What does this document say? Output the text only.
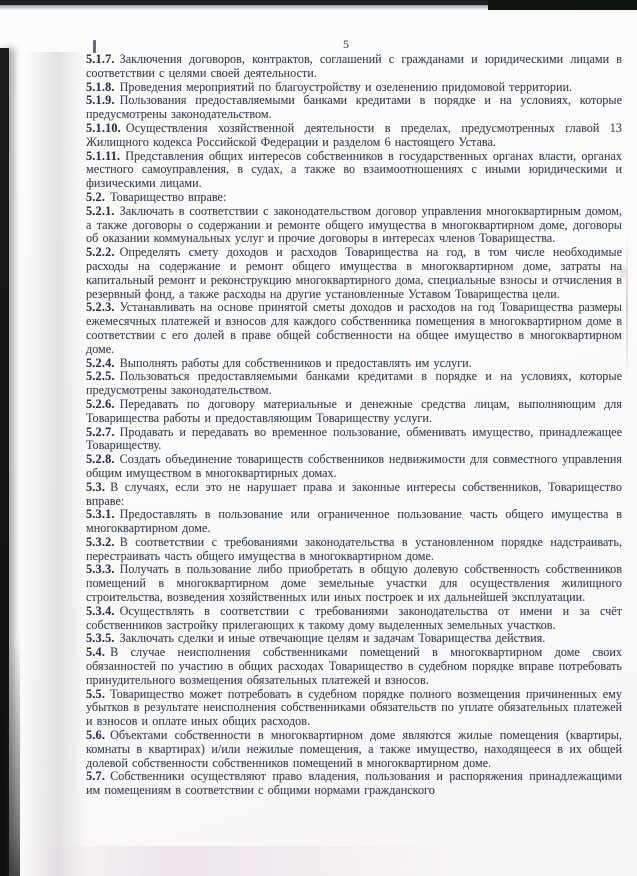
5

5.1.7. Заключения договоров, контрактов, соглашений с гражданами и юридическими лицами в соответствии с целями своей деятельности.

5.1.8. Проведения мероприятий по благоустройству и озеленению придомовой территории.

5.1.9. Пользования предоставляемыми банками кредитами в порядке и на условиях, которые предусмотрены законодательством.

5.1.10. Осуществления хозяйственной деятельности в пределах, предусмотренных главой 13 Жилищного кодекса Российской Федерации и разделом 6 настоящего Устава.

5.1.11. Представления общих интересов собственников в государственных органах власти, органах местного самоуправления, в судах, а также во взаимоотношениях с иными юридическими и физическими лицами.

5.2. Товарищество вправе:

5.2.1. Заключать в соответствии с законодательством договор управления многоквартирным домом, а также договоры о содержании и ремонте общего имущества в многоквартирном доме, договоры об оказании коммунальных услуг и прочие договоры в интересах членов Товарищества.

5.2.2. Определять смету доходов и расходов Товарищества на год, в том числе необходимые расходы на содержание и ремонт общего имущества в многоквартирном доме, затраты на капитальный ремонт и реконструкцию многоквартирного дома, специальные взносы и отчисления в резервный фонд, а также расходы на другие установленные Уставом Товарищества цели.

5.2.3. Устанавливать на основе принятой сметы доходов и расходов на год Товарищества размеры ежемесячных платежей и взносов для каждого собственника помещения в многоквартирном доме в соответствии с его долей в праве общей собственности на общее имущество в многоквартирном доме.

5.2.4. Выполнять работы для собственников и предоставлять им услуги.

5.2.5. Пользоваться предоставляемыми банками кредитами в порядке и на условиях, которые предусмотрены законодательством.

5.2.6. Передавать по договору материальные и денежные средства лицам, выполняющим для Товарищества работы и предоставляющим Товариществу услуги.

5.2.7. Продавать и передавать во временное пользование, обменивать имущество, принадлежащее Товариществу.

5.2.8. Создать объединение товариществ собственников недвижимости для совместного управления общим имуществом в многоквартирных домах.

5.3. В случаях, если это не нарушает права и законные интересы собственников, Товарищество вправе:

5.3.1. Предоставлять в пользование или ограниченное пользование часть общего имущества в многоквартирном доме.

5.3.2. В соответствии с требованиями законодательства в установленном порядке надстраивать, перестраивать часть общего имущества в многоквартирном доме.

5.3.3. Получать в пользование либо приобретать в общую долевую собственность собственников помещений в многоквартирном доме земельные участки для осуществления жилищного строительства, возведения хозяйственных или иных построек и их дальнейшей эксплуатации.

5.3.4. Осуществлять в соответствии с требованиями законодательства от имени и за счёт собственников застройку прилегающих к такому дому выделенных земельных участков.

5.3.5. Заключать сделки и иные отвечающие целям и задачам Товарищества действия.

5.4. В случае неисполнения собственниками помещений в многоквартирном доме своих обязанностей по участию в общих расходах Товарищество в судебном порядке вправе потребовать принудительного возмещения обязательных платежей и взносов.

5.5. Товарищество может потребовать в судебном порядке полного возмещения причиненных ему убытков в результате неисполнения собственниками обязательств по уплате обязательных платежей и взносов и оплате иных общих расходов.

5.6. Объектами собственности в многоквартирном доме являются жилые помещения (квартиры, комнаты в квартирах) и/или нежилые помещения, а также имущество, находящееся в их общей долевой собственности собственников помещений в многоквартирном доме.

5.7. Собственники осуществляют право владения, пользования и распоряжения принадлежащими им помещениям в соответствии с общими нормами гражданского
